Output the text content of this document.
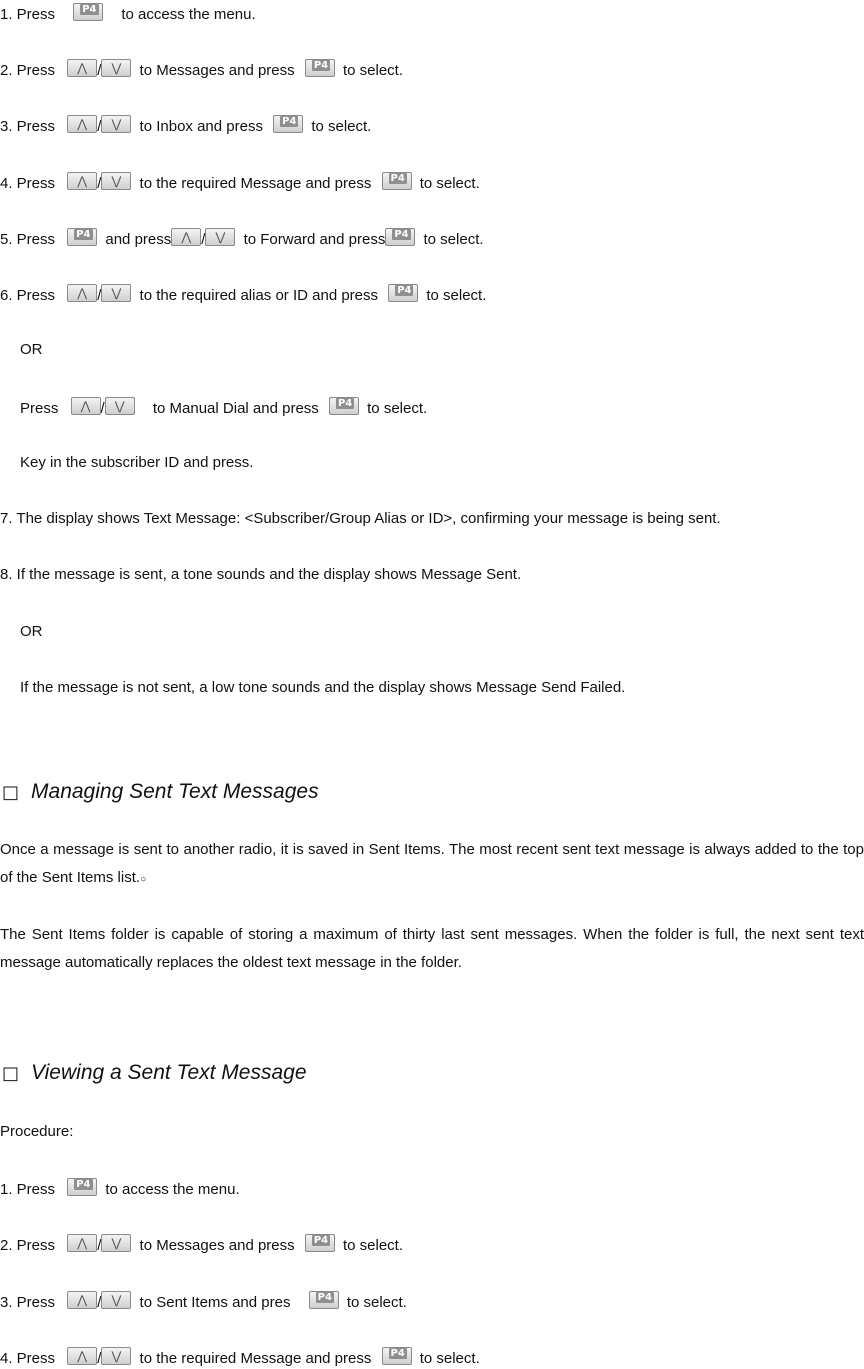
1. Press P4	to access the menu.
2. Press	⋀ / ⋁	to Messages and press P4	to select.
3. Press	⋀ / ⋁	to Inbox and press P4	to select.
4. Press	⋀ / ⋁	to the required Message and press P4	to select.
5. Press P4	and press ⋀ / ⋁	to Forward and press P4	to select.
6. Press	⋀ / ⋁	to the required alias or ID and press P4	to select.
OR
Press	⋀ / ⋁	to Manual Dial and press P4	to select.
Key in the subscriber ID and press.
7. The display shows Text Message: <Subscriber/Group Alias or ID>, confirming your message is being sent.
8. If the message is sent, a tone sounds and the display shows Message Sent.
OR
If the message is not sent, a low tone sounds and the display shows Message Send Failed.
□ Managing Sent Text Messages
Once a message is sent to another radio, it is saved in Sent Items. The most recent sent text message is always added to the top of the Sent Items list.○
The Sent Items folder is capable of storing a maximum of thirty last sent messages. When the folder is full, the next sent text message automatically replaces the oldest text message in the folder.
□ Viewing a Sent Text Message
Procedure:
1. Press P4	to access the menu.
2. Press	⋀ / ⋁	to Messages and press P4	to select.
3. Press	⋀ / ⋁	to Sent Items and pres P4	to select.
4. Press	⋀ / ⋁	to the required Message and press P4	to select.
